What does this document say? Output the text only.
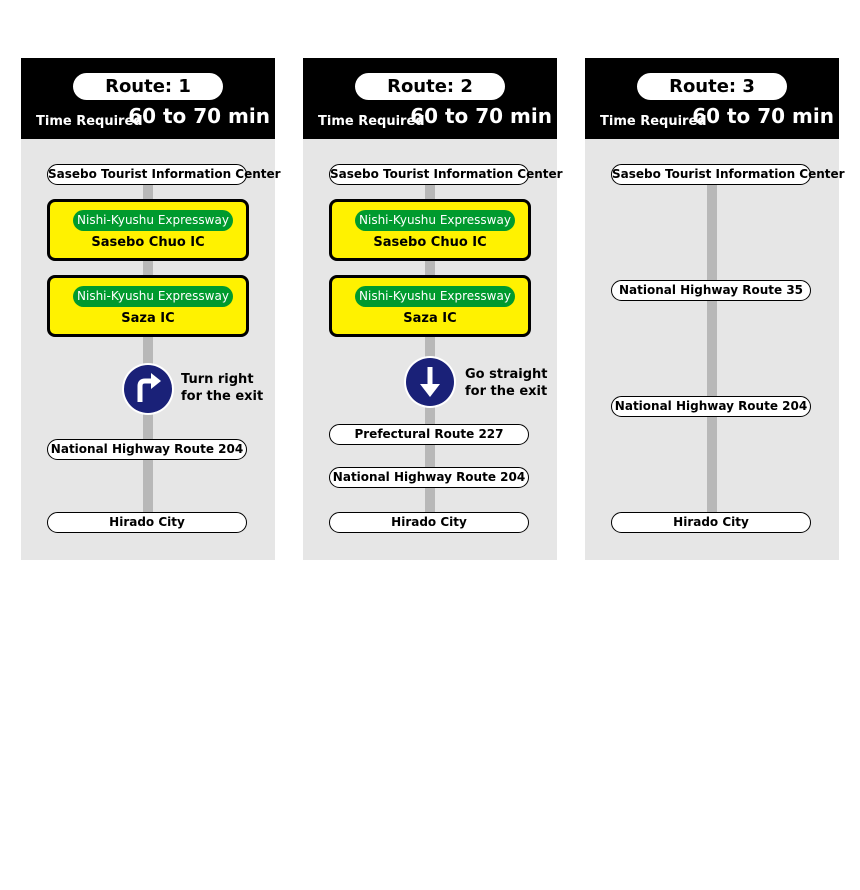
Route: 1
Time Required
60 to 70 min
Sasebo Tourist Information Center
Nishi-Kyushu Expressway
Sasebo Chuo IC
Nishi-Kyushu Expressway
Saza IC
Turn right
for the exit
National Highway Route 204
Hirado City
Route: 2
Time Required
60 to 70 min
Sasebo Tourist Information Center
Nishi-Kyushu Expressway
Sasebo Chuo IC
Nishi-Kyushu Expressway
Saza IC
Go straight
for the exit
Prefectural Route 227
National Highway Route 204
Hirado City
Route: 3
Time Required
60 to 70 min
Sasebo Tourist Information Center
National Highway Route 35
National Highway Route 204
Hirado City
